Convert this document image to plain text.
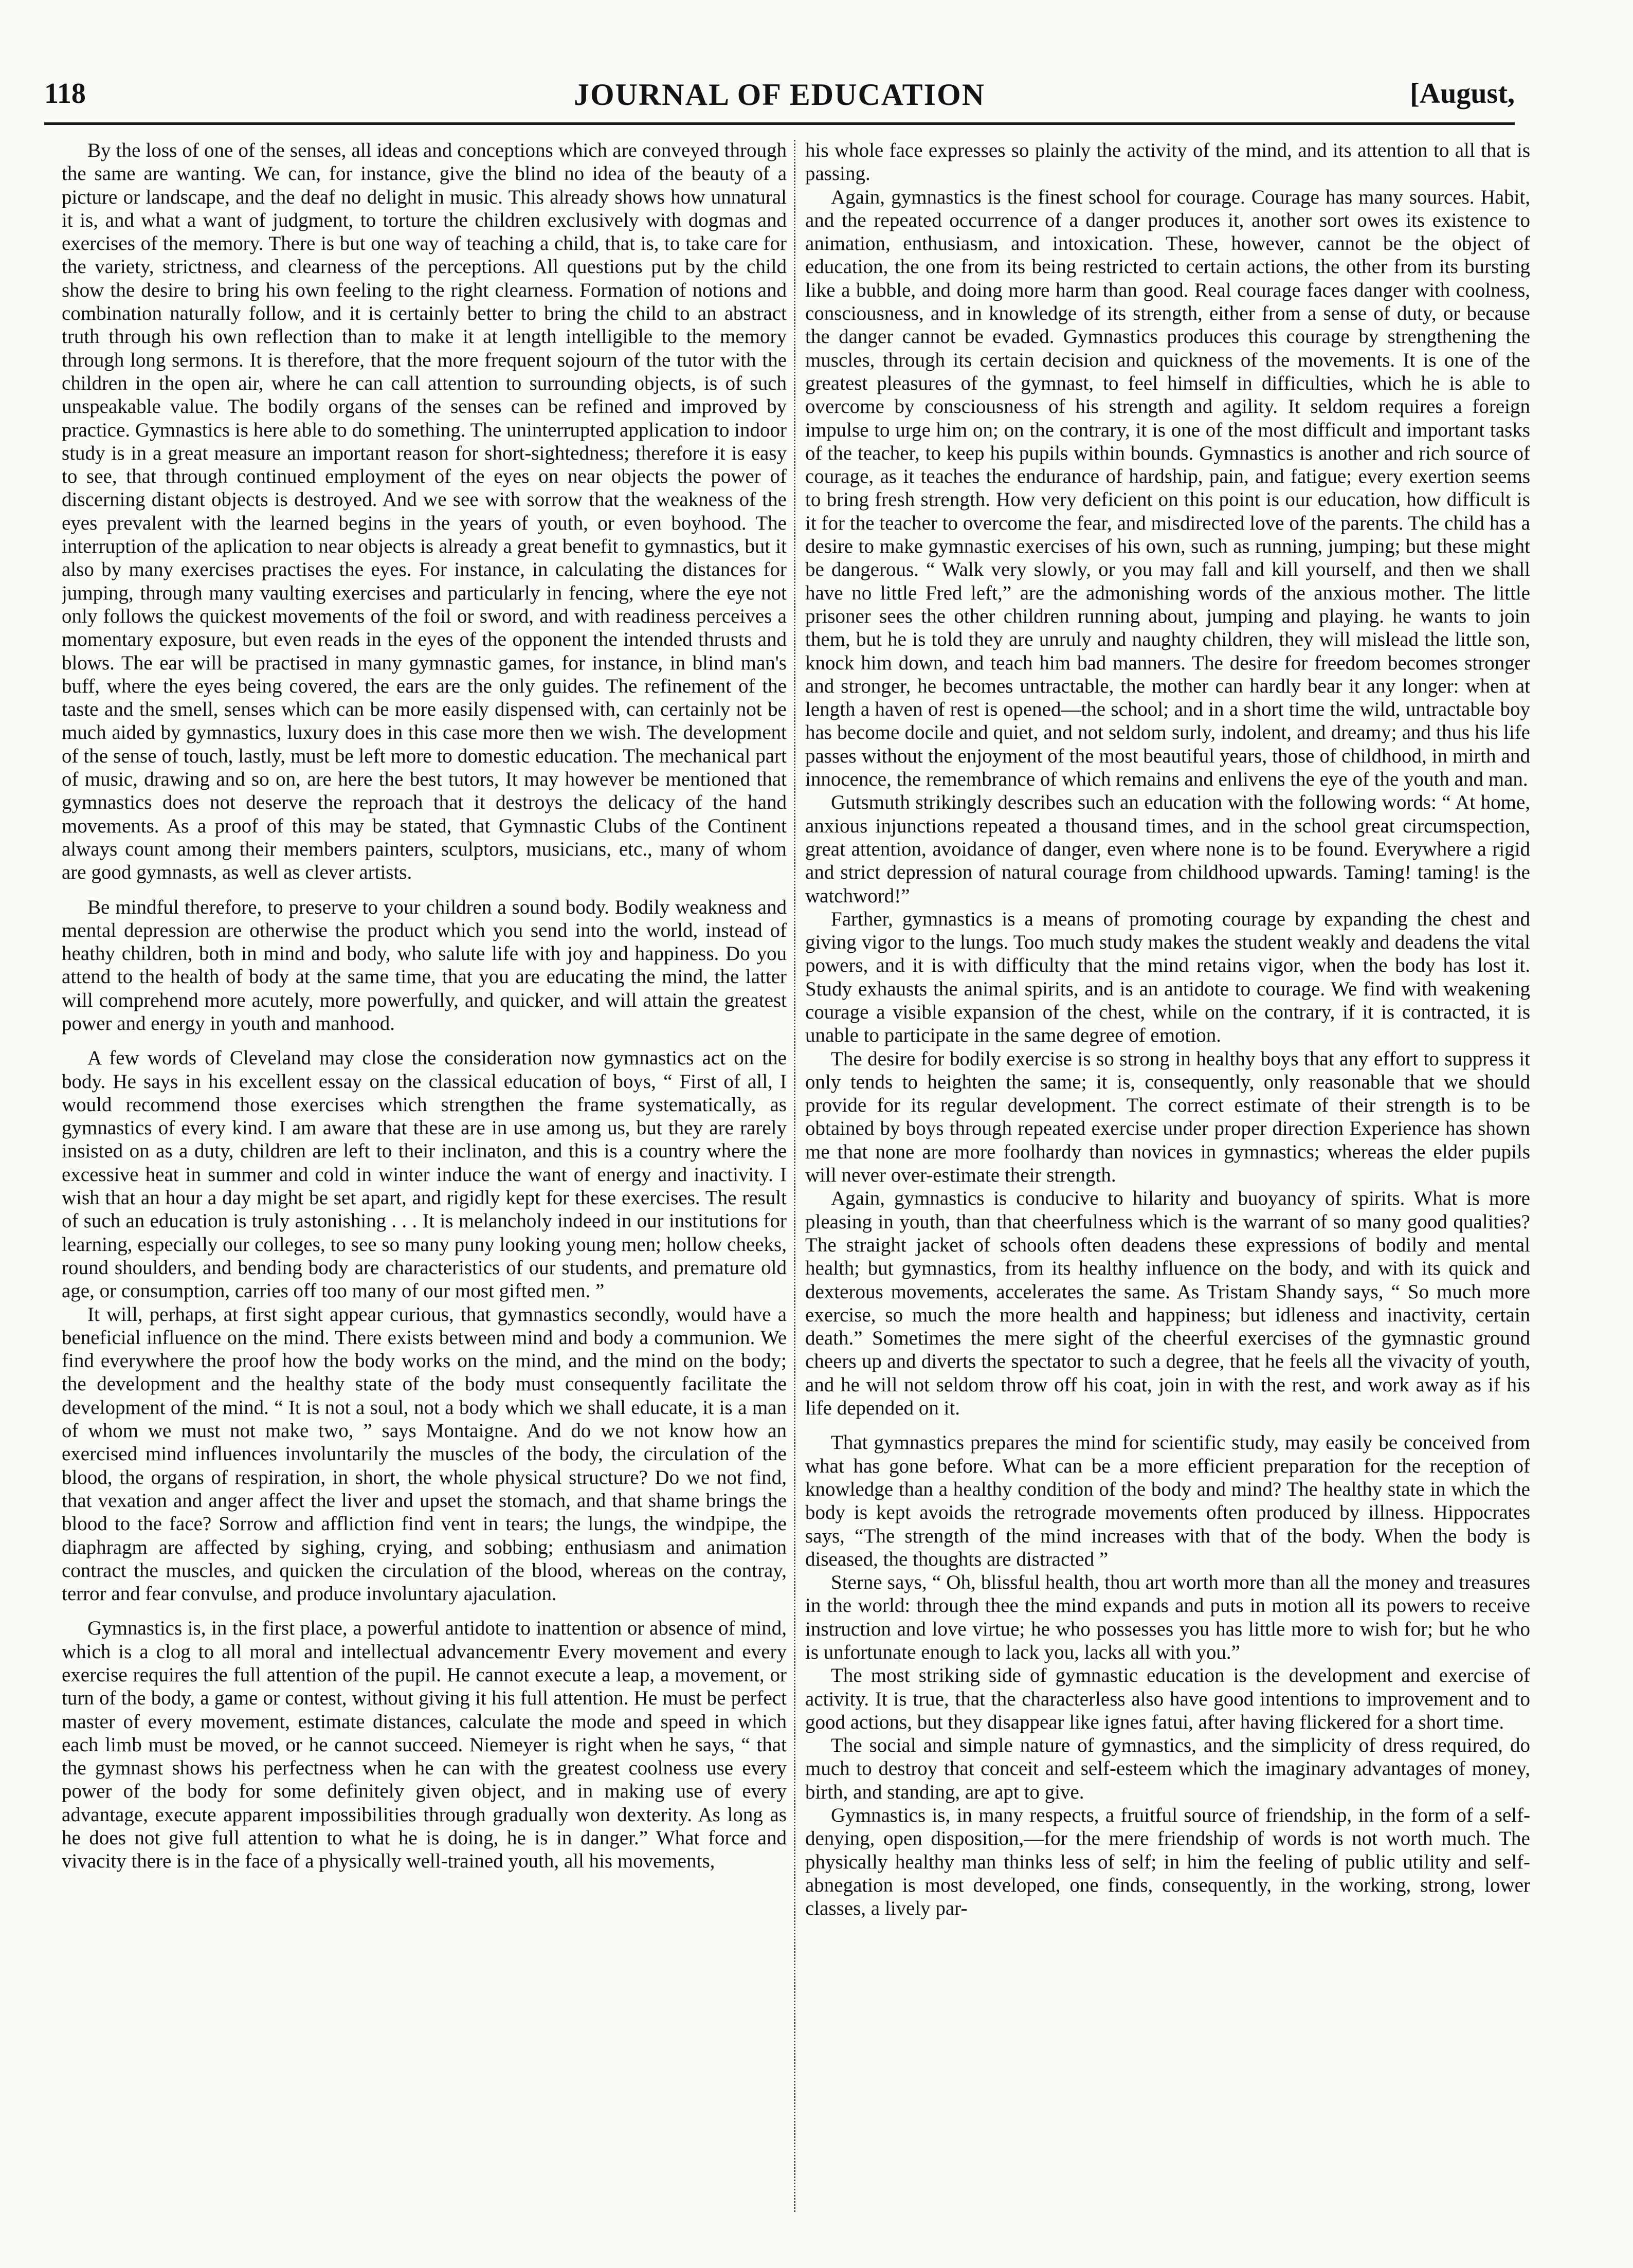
118	JOURNAL OF EDUCATION	[August,

By the loss of one of the senses, all ideas and conceptions which are conveyed through the same are wanting. We can, for instance, give the blind no idea of the beauty of a picture or landscape, and the deaf no delight in music. This already shows how unnatural it is, and what a want of judgment, to torture the children exclusively with dogmas and exercises of the memory. There is but one way of teaching a child, that is, to take care for the variety, strictness, and clearness of the perceptions. All questions put by the child show the desire to bring his own feeling to the right clearness. Formation of notions and combination naturally follow, and it is certainly better to bring the child to an abstract truth through his own reflection than to make it at length intelligible to the memory through long sermons. It is therefore, that the more frequent sojourn of the tutor with the children in the open air, where he can call attention to surrounding objects, is of such unspeakable value. The bodily organs of the senses can be refined and improved by practice. Gymnastics is here able to do something. The uninterrupted application to indoor study is in a great measure an important reason for short-sightedness; therefore it is easy to see, that through continued employment of the eyes on near objects the power of discerning distant objects is destroyed. And we see with sorrow that the weakness of the eyes prevalent with the learned begins in the years of youth, or even boyhood. The interruption of the aplication to near objects is already a great benefit to gymnastics, but it also by many exercises practises the eyes. For instance, in calculating the distances for jumping, through many vaulting exercises and particularly in fencing, where the eye not only follows the quickest movements of the foil or sword, and with readiness perceives a momentary exposure, but even reads in the eyes of the opponent the intended thrusts and blows. The ear will be practised in many gymnastic games, for instance, in blind man's buff, where the eyes being covered, the ears are the only guides. The refinement of the taste and the smell, senses which can be more easily dispensed with, can certainly not be much aided by gymnastics, luxury does in this case more then we wish. The development of the sense of touch, lastly, must be left more to domestic education. The mechanical part of music, drawing and so on, are here the best tutors, It may however be mentioned that gymnastics does not deserve the reproach that it destroys the delicacy of the hand movements. As a proof of this may be stated, that Gymnastic Clubs of the Continent always count among their members painters, sculptors, musicians, etc., many of whom are good gymnasts, as well as clever artists.

Be mindful therefore, to preserve to your children a sound body. Bodily weakness and mental depression are otherwise the product which you send into the world, instead of heathy children, both in mind and body, who salute life with joy and happiness. Do you attend to the health of body at the same time, that you are educating the mind, the latter will comprehend more acutely, more powerfully, and quicker, and will attain the greatest power and energy in youth and manhood.

A few words of Cleveland may close the consideration now gymnastics act on the body. He says in his excellent essay on the classical education of boys, “ First of all, I would recommend those exercises which strengthen the frame systematically, as gymnastics of every kind. I am aware that these are in use among us, but they are rarely insisted on as a duty, children are left to their inclinaton, and this is a country where the excessive heat in summer and cold in winter induce the want of energy and inactivity. I wish that an hour a day might be set apart, and rigidly kept for these exercises. The result of such an education is truly astonishing . . . It is melancholy indeed in our institutions for learning, especially our colleges, to see so many puny looking young men; hollow cheeks, round shoulders, and bending body are characteristics of our students, and premature old age, or consumption, carries off too many of our most gifted men. ”

It will, perhaps, at first sight appear curious, that gymnastics secondly, would have a beneficial influence on the mind. There exists between mind and body a communion. We find everywhere the proof how the body works on the mind, and the mind on the body; the development and the healthy state of the body must consequently facilitate the development of the mind. “ It is not a soul, not a body which we shall educate, it is a man of whom we must not make two, ” says Montaigne. And do we not know how an exercised mind influences involuntarily the muscles of the body, the circulation of the blood, the organs of respiration, in short, the whole physical structure? Do we not find, that vexation and anger affect the liver and upset the stomach, and that shame brings the blood to the face? Sorrow and affliction find vent in tears; the lungs, the windpipe, the diaphragm are affected by sighing, crying, and sobbing; enthusiasm and animation contract the muscles, and quicken the circulation of the blood, whereas on the contray, terror and fear convulse, and produce involuntary ajaculation.

Gymnastics is, in the first place, a powerful antidote to inattention or absence of mind, which is a clog to all moral and intellectual advancementr Every movement and every exercise requires the full attention of the pupil. He cannot execute a leap, a movement, or turn of the body, a game or contest, without giving it his full attention. He must be perfect master of every movement, estimate distances, calculate the mode and speed in which each limb must be moved, or he cannot succeed. Niemeyer is right when he says, “ that the gymnast shows his perfectness when he can with the greatest coolness use every power of the body for some definitely given object, and in making use of every advantage, execute apparent impossibilities through gradually won dexterity. As long as he does not give full attention to what he is doing, he is in danger.” What force and vivacity there is in the face of a physically well-trained youth, all his movements,

his whole face expresses so plainly the activity of the mind, and its attention to all that is passing.

Again, gymnastics is the finest school for courage. Courage has many sources. Habit, and the repeated occurrence of a danger produces it, another sort owes its existence to animation, enthusiasm, and intoxication. These, however, cannot be the object of education, the one from its being restricted to certain actions, the other from its bursting like a bubble, and doing more harm than good. Real courage faces danger with coolness, consciousness, and in knowledge of its strength, either from a sense of duty, or because the danger cannot be evaded. Gymnastics produces this courage by strengthening the muscles, through its certain decision and quickness of the movements. It is one of the greatest pleasures of the gymnast, to feel himself in difficulties, which he is able to overcome by consciousness of his strength and agility. It seldom requires a foreign impulse to urge him on; on the contrary, it is one of the most difficult and important tasks of the teacher, to keep his pupils within bounds. Gymnastics is another and rich source of courage, as it teaches the endurance of hardship, pain, and fatigue; every exertion seems to bring fresh strength. How very deficient on this point is our education, how difficult is it for the teacher to overcome the fear, and misdirected love of the parents. The child has a desire to make gymnastic exercises of his own, such as running, jumping; but these might be dangerous. “ Walk very slowly, or you may fall and kill yourself, and then we shall have no little Fred left,” are the admonishing words of the anxious mother. The little prisoner sees the other children running about, jumping and playing. he wants to join them, but he is told they are unruly and naughty children, they will mislead the little son, knock him down, and teach him bad manners. The desire for freedom becomes stronger and stronger, he becomes untractable, the mother can hardly bear it any longer: when at length a haven of rest is opened—the school; and in a short time the wild, untractable boy has become docile and quiet, and not seldom surly, indolent, and dreamy; and thus his life passes without the enjoyment of the most beautiful years, those of childhood, in mirth and innocence, the remembrance of which remains and enlivens the eye of the youth and man.

Gutsmuth strikingly describes such an education with the following words: “ At home, anxious injunctions repeated a thousand times, and in the school great circumspection, great attention, avoidance of danger, even where none is to be found. Everywhere a rigid and strict depression of natural courage from childhood upwards. Taming! taming! is the watchword!”

Farther, gymnastics is a means of promoting courage by expanding the chest and giving vigor to the lungs. Too much study makes the student weakly and deadens the vital powers, and it is with difficulty that the mind retains vigor, when the body has lost it. Study exhausts the animal spirits, and is an antidote to courage. We find with weakening courage a visible expansion of the chest, while on the contrary, if it is contracted, it is unable to participate in the same degree of emotion.

The desire for bodily exercise is so strong in healthy boys that any effort to suppress it only tends to heighten the same; it is, consequently, only reasonable that we should provide for its regular development. The correct estimate of their strength is to be obtained by boys through repeated exercise under proper direction Experience has shown me that none are more foolhardy than novices in gymnastics; whereas the elder pupils will never over-estimate their strength.

Again, gymnastics is conducive to hilarity and buoyancy of spirits. What is more pleasing in youth, than that cheerfulness which is the warrant of so many good qualities? The straight jacket of schools often deadens these expressions of bodily and mental health; but gymnastics, from its healthy influence on the body, and with its quick and dexterous movements, accelerates the same. As Tristam Shandy says, “ So much more exercise, so much the more health and happiness; but idleness and inactivity, certain death.” Sometimes the mere sight of the cheerful exercises of the gymnastic ground cheers up and diverts the spectator to such a degree, that he feels all the vivacity of youth, and he will not seldom throw off his coat, join in with the rest, and work away as if his life depended on it.

That gymnastics prepares the mind for scientific study, may easily be conceived from what has gone before. What can be a more efficient preparation for the reception of knowledge than a healthy condition of the body and mind? The healthy state in which the body is kept avoids the retrograde movements often produced by illness. Hippocrates says, “The strength of the mind increases with that of the body. When the body is diseased, the thoughts are distracted ”

Sterne says, “ Oh, blissful health, thou art worth more than all the money and treasures in the world: through thee the mind expands and puts in motion all its powers to receive instruction and love virtue; he who possesses you has little more to wish for; but he who is unfortunate enough to lack you, lacks all with you.”

The most striking side of gymnastic education is the development and exercise of activity. It is true, that the characterless also have good intentions to improvement and to good actions, but they disappear like ignes fatui, after having flickered for a short time.

The social and simple nature of gymnastics, and the simplicity of dress required, do much to destroy that conceit and self-esteem which the imaginary advantages of money, birth, and standing, are apt to give.

Gymnastics is, in many respects, a fruitful source of friendship, in the form of a self-denying, open disposition,—for the mere friendship of words is not worth much. The physically healthy man thinks less of self; in him the feeling of public utility and self-abnegation is most developed, one finds, consequently, in the working, strong, lower classes, a lively par-
